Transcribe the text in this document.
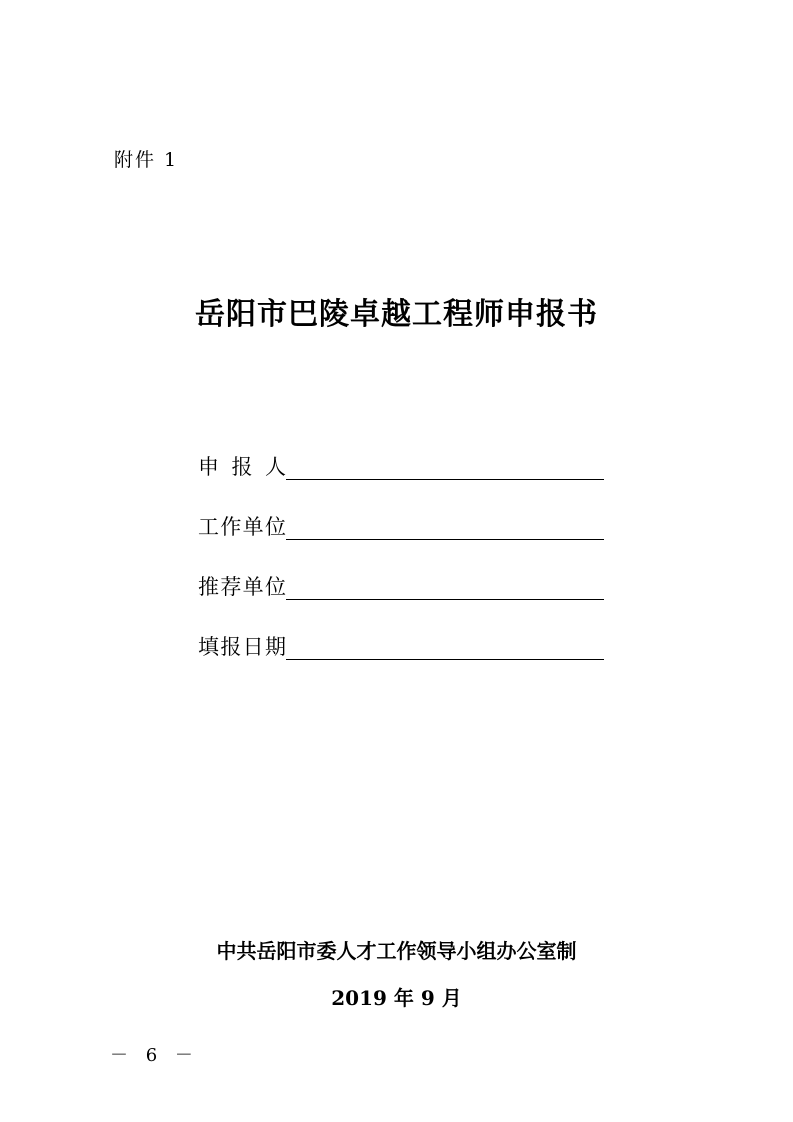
附件 1
岳阳市巴陵卓越工程师申报书
申 报 人
工作单位
推荐单位
填报日期
中共岳阳市委人才工作领导小组办公室制
2019 年 9 月
－ 6 －
